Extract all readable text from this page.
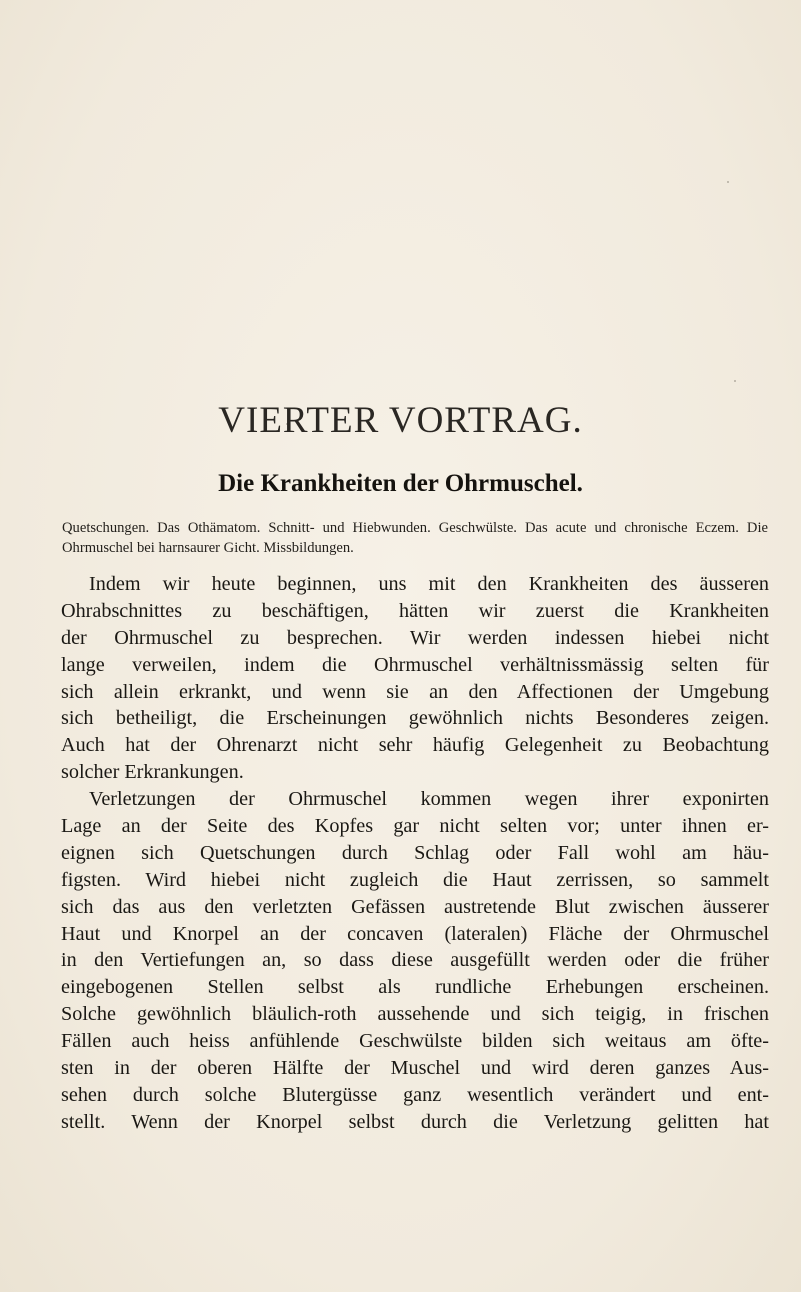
VIERTER VORTRAG.
Die Krankheiten der Ohrmuschel.
Quetschungen. Das Othämatom. Schnitt- und Hiebwunden. Geschwülste. Das acute und chronische Eczem. Die Ohrmuschel bei harnsaurer Gicht. Missbildungen.
Indem wir heute beginnen, uns mit den Krankheiten des äusseren
Ohrabschnittes zu beschäftigen, hätten wir zuerst die Krankheiten
der Ohrmuschel zu besprechen. Wir werden indessen hiebei nicht
lange verweilen, indem die Ohrmuschel verhältnissmässig selten für
sich allein erkrankt, und wenn sie an den Affectionen der Umgebung
sich betheiligt, die Erscheinungen gewöhnlich nichts Besonderes zeigen.
Auch hat der Ohrenarzt nicht sehr häufig Gelegenheit zu Beobachtung
solcher Erkrankungen.
Verletzungen der Ohrmuschel kommen wegen ihrer exponirten
Lage an der Seite des Kopfes gar nicht selten vor; unter ihnen er-
eignen sich Quetschungen durch Schlag oder Fall wohl am häu-
figsten. Wird hiebei nicht zugleich die Haut zerrissen, so sammelt
sich das aus den verletzten Gefässen austretende Blut zwischen äusserer
Haut und Knorpel an der concaven (lateralen) Fläche der Ohrmuschel
in den Vertiefungen an, so dass diese ausgefüllt werden oder die früher
eingebogenen Stellen selbst als rundliche Erhebungen erscheinen.
Solche gewöhnlich bläulich-roth aussehende und sich teigig, in frischen
Fällen auch heiss anfühlende Geschwülste bilden sich weitaus am öfte-
sten in der oberen Hälfte der Muschel und wird deren ganzes Aus-
sehen durch solche Blutergüsse ganz wesentlich verändert und ent-
stellt. Wenn der Knorpel selbst durch die Verletzung gelitten hat
